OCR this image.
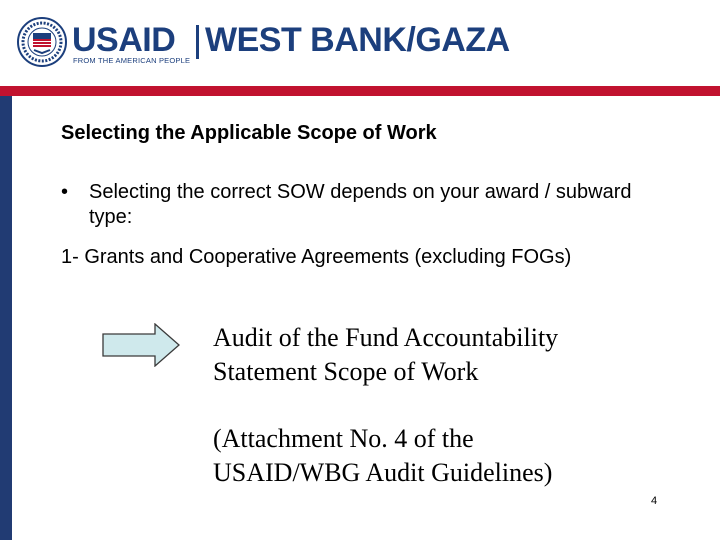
USAID WEST BANK/GAZA
FROM THE AMERICAN PEOPLE
Selecting the Applicable Scope of Work
• Selecting the correct SOW depends on your award / subward type:
1- Grants and Cooperative Agreements (excluding FOGs)
Audit of the Fund Accountability
Statement Scope of Work
(Attachment No. 4 of the
USAID/WBG Audit Guidelines)
4
